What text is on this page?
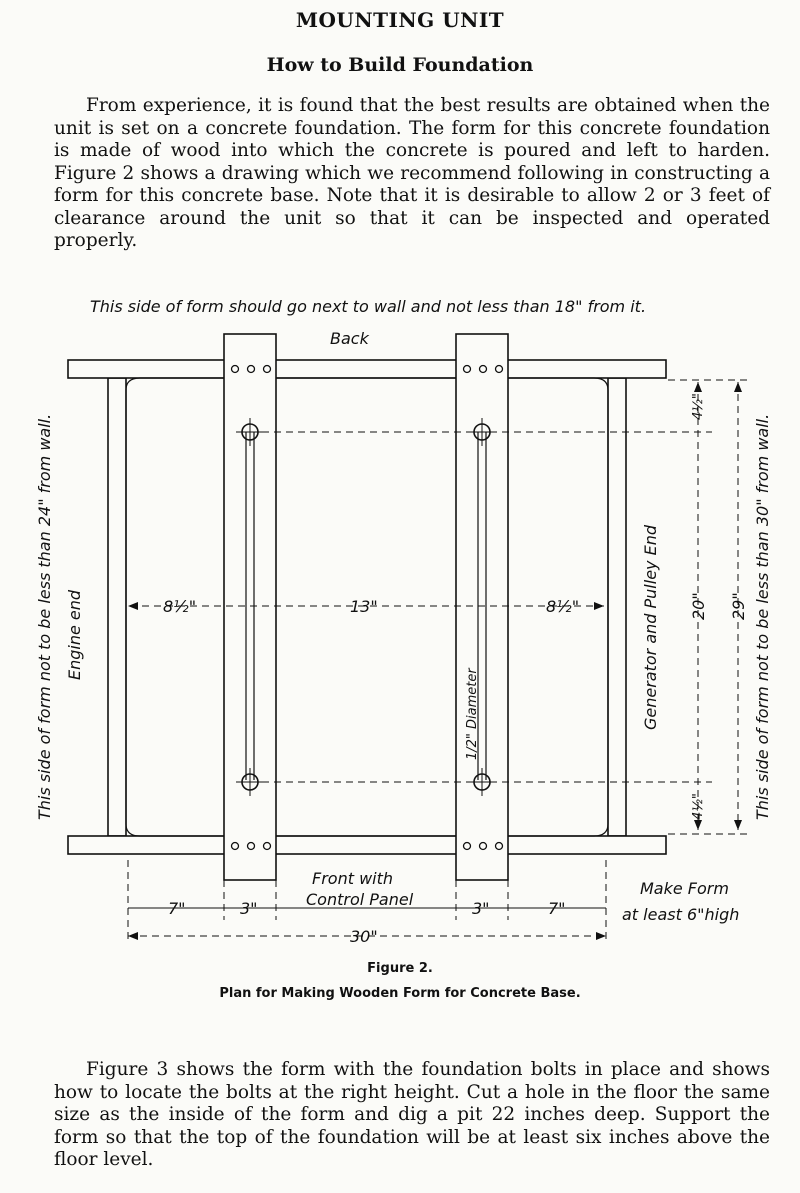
MOUNTING UNIT
How to Build Foundation

From experience, it is found that the best results are obtained when the unit is set on a concrete foundation. The form for this concrete foundation is made of wood into which the concrete is poured and left to harden. Figure 2 shows a drawing which we recommend following in constructing a form for this concrete base. Note that it is desirable to allow 2 or 3 feet of clearance around the unit so that it can be inspected and operated properly.

This side of form should go next to wall and not less than 18" from it.
Back
This side of form not to be less than 24" from wall.	This side of form not to be less than 30" from wall.
Engine end	Generator and Pulley End
1/2" Diameter
8½"	13"	8½"
4½"
4½"
20" 29"
Front with
Control Panel
Make Form
at least 6"high
7"	3"	3"	7"
30"
Figure 2.
Plan for Making Wooden Form for Concrete Base.

Figure 3 shows the form with the foundation bolts in place and shows how to locate the bolts at the right height. Cut a hole in the floor the same size as the inside of the form and dig a pit 22 inches deep. Support the form so that the top of the foundation will be at least six inches above the floor level.
